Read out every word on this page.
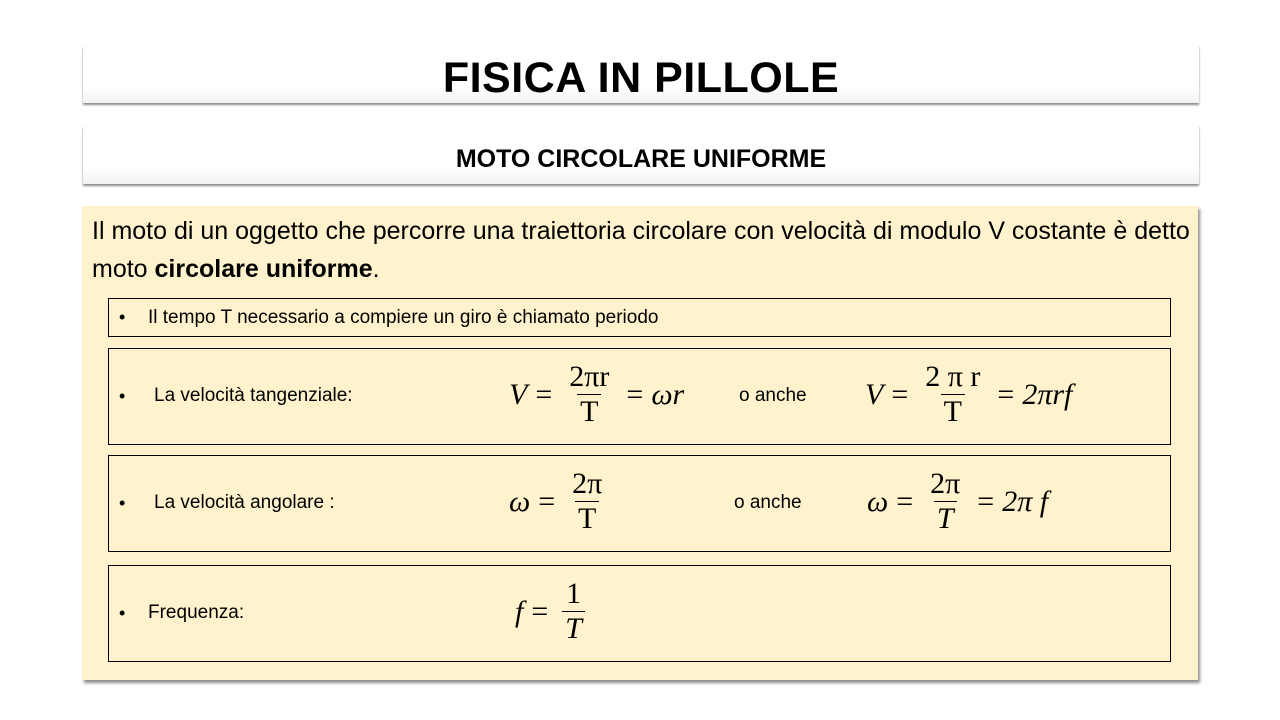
FISICA IN PILLOLE
MOTO CIRCOLARE UNIFORME
Il moto di un oggetto che percorre una traiettoria circolare con velocità di modulo V costante è detto moto circolare uniforme.
• Il tempo T necessario a compiere un giro è chiamato periodo
• La velocità tangenziale:	$V = \frac{2\pi r}{T} = \omega r$	o anche $V = \frac{\text{2 π r}}{T} = 2\pi rf$
• La velocità angolare :	$\omega = \frac{2\pi}{T}$	o anche $\omega = \frac{2\pi}{T} = 2\pi$ f
• Frequenza:	$f = \frac{1}{T}$
